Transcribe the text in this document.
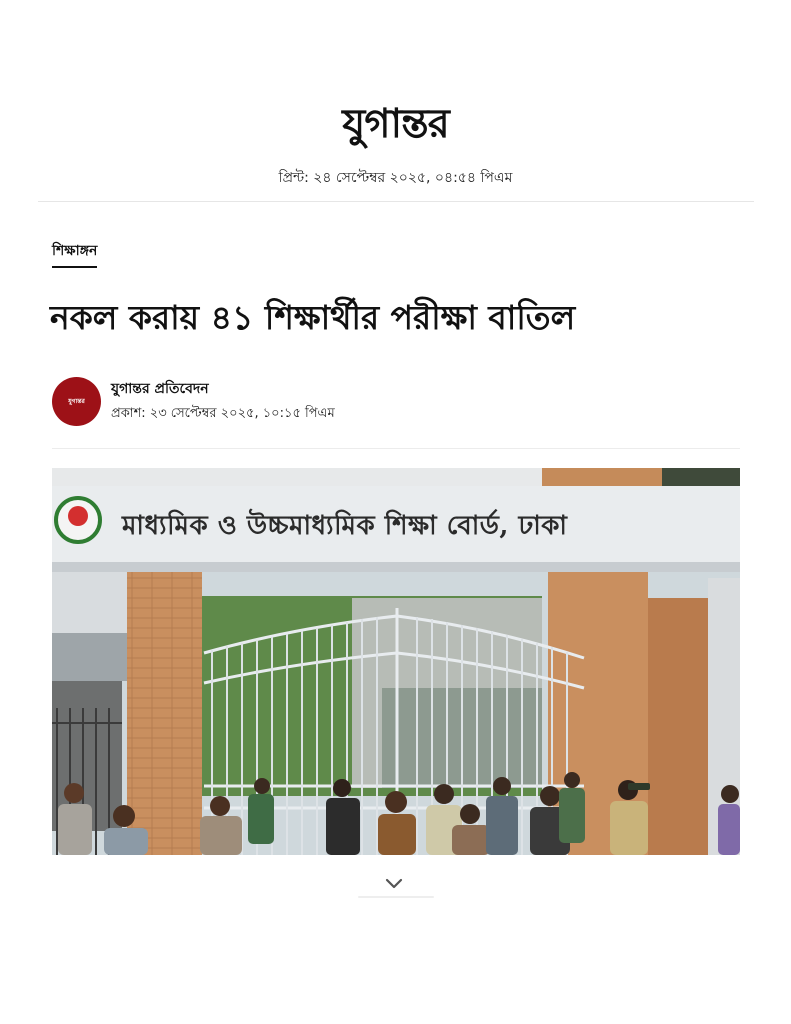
যুগান্তর
প্রিন্ট: ২৪ সেপ্টেম্বর ২০২৫, ০৪:৫৪ পিএম
শিক্ষাঙ্গন
নকল করায় ৪১ শিক্ষার্থীর পরীক্ষা বাতিল
যুগান্তর
যুগান্তর প্রতিবেদন
প্রকাশ: ২৩ সেপ্টেম্বর ২০২৫, ১০:১৫ পিএম
মাধ্যমিক ও উচ্চমাধ্যমিক শিক্ষা বোর্ড, ঢাকা
